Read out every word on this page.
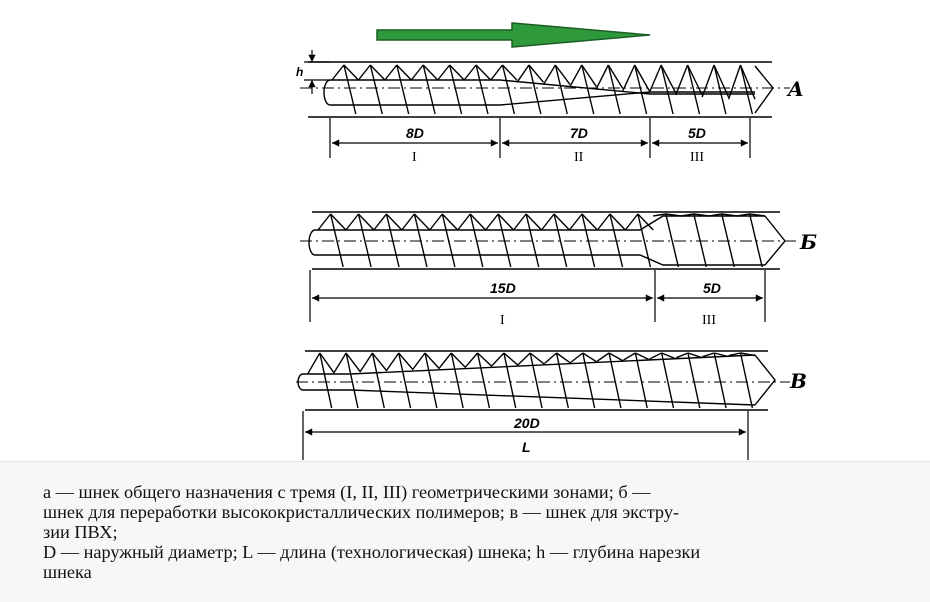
h
A
8D	7D	5D
I	II	III
Б
15D	5D
I	III
В
20D
L
а — шнек общего назначения с тремя (I, II, III) геометрическими зонами; б —
шнек для переработки высококристаллических полимеров; в — шнек для экстру-
зии ПВХ;
D — наружный диаметр; L — длина (технологическая) шнека; h — глубина нарезки
шнека
